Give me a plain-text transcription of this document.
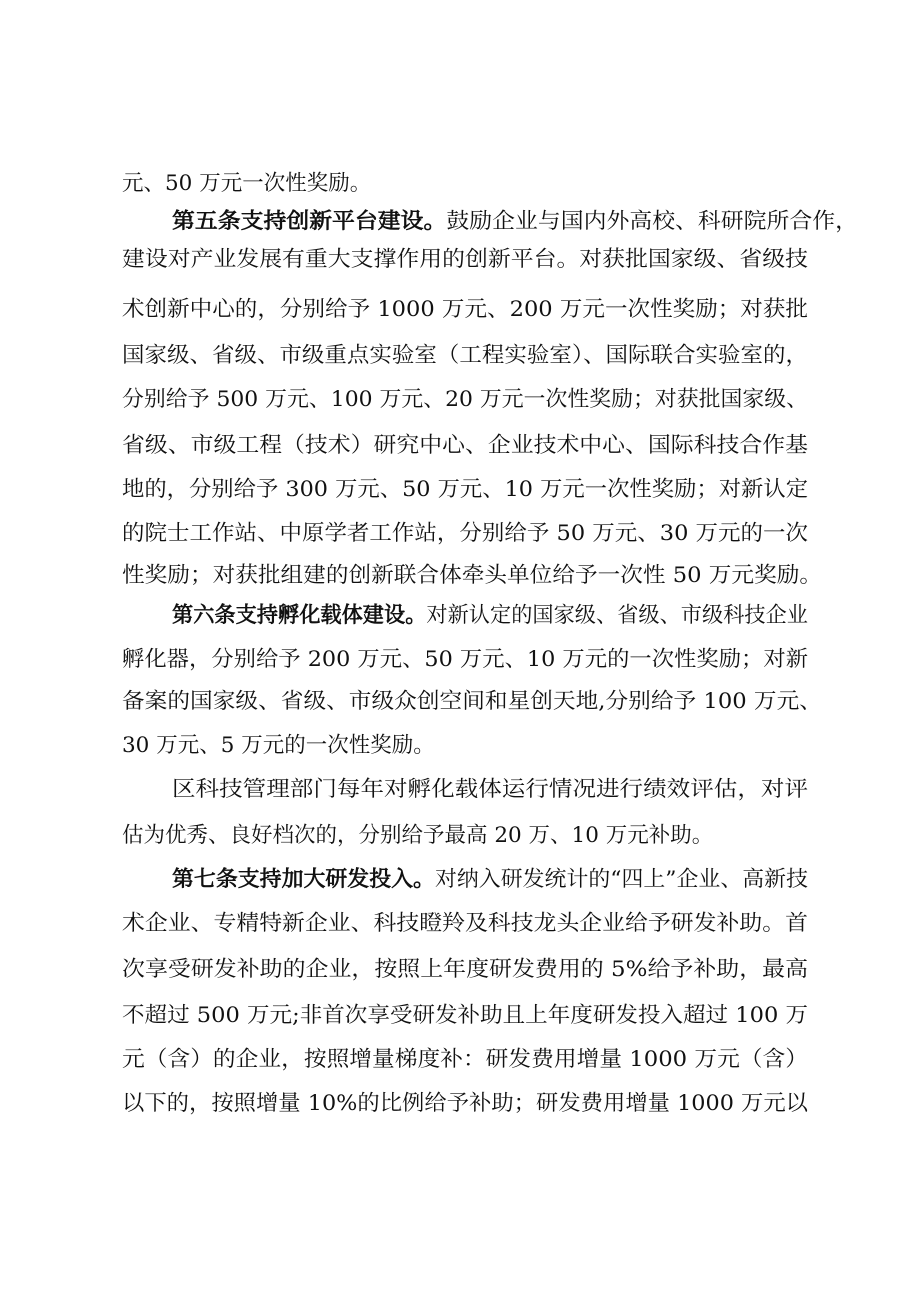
元、50 万元一次性奖励。
第五条支持创新平台建设。鼓励企业与国内外高校、科研院所合作，
建设对产业发展有重大支撑作用的创新平台。对获批国家级、省级技
术创新中心的，分别给予 1000 万元、200 万元一次性奖励；对获批
国家级、省级、市级重点实验室（工程实验室）、国际联合实验室的，
分别给予 500 万元、100 万元、20 万元一次性奖励；对获批国家级、
省级、市级工程（技术）研究中心、企业技术中心、国际科技合作基
地的，分别给予 300 万元、50 万元、10 万元一次性奖励；对新认定
的院士工作站、中原学者工作站，分别给予 50 万元、30 万元的一次
性奖励；对获批组建的创新联合体牵头单位给予一次性 50 万元奖励。
第六条支持孵化载体建设。对新认定的国家级、省级、市级科技企业
孵化器，分别给予 200 万元、50 万元、10 万元的一次性奖励；对新
备案的国家级、省级、市级众创空间和星创天地,分别给予 100 万元、
30 万元、5 万元的一次性奖励。
区科技管理部门每年对孵化载体运行情况进行绩效评估，对评
估为优秀、良好档次的，分别给予最高 20 万、10 万元补助。
第七条支持加大研发投入。对纳入研发统计的“四上”企业、高新技
术企业、专精特新企业、科技瞪羚及科技龙头企业给予研发补助。首
次享受研发补助的企业，按照上年度研发费用的 5%给予补助，最高
不超过 500 万元;非首次享受研发补助且上年度研发投入超过 100 万
元（含）的企业，按照增量梯度补：研发费用增量 1000 万元（含）
以下的，按照增量 10%的比例给予补助；研发费用增量 1000 万元以
